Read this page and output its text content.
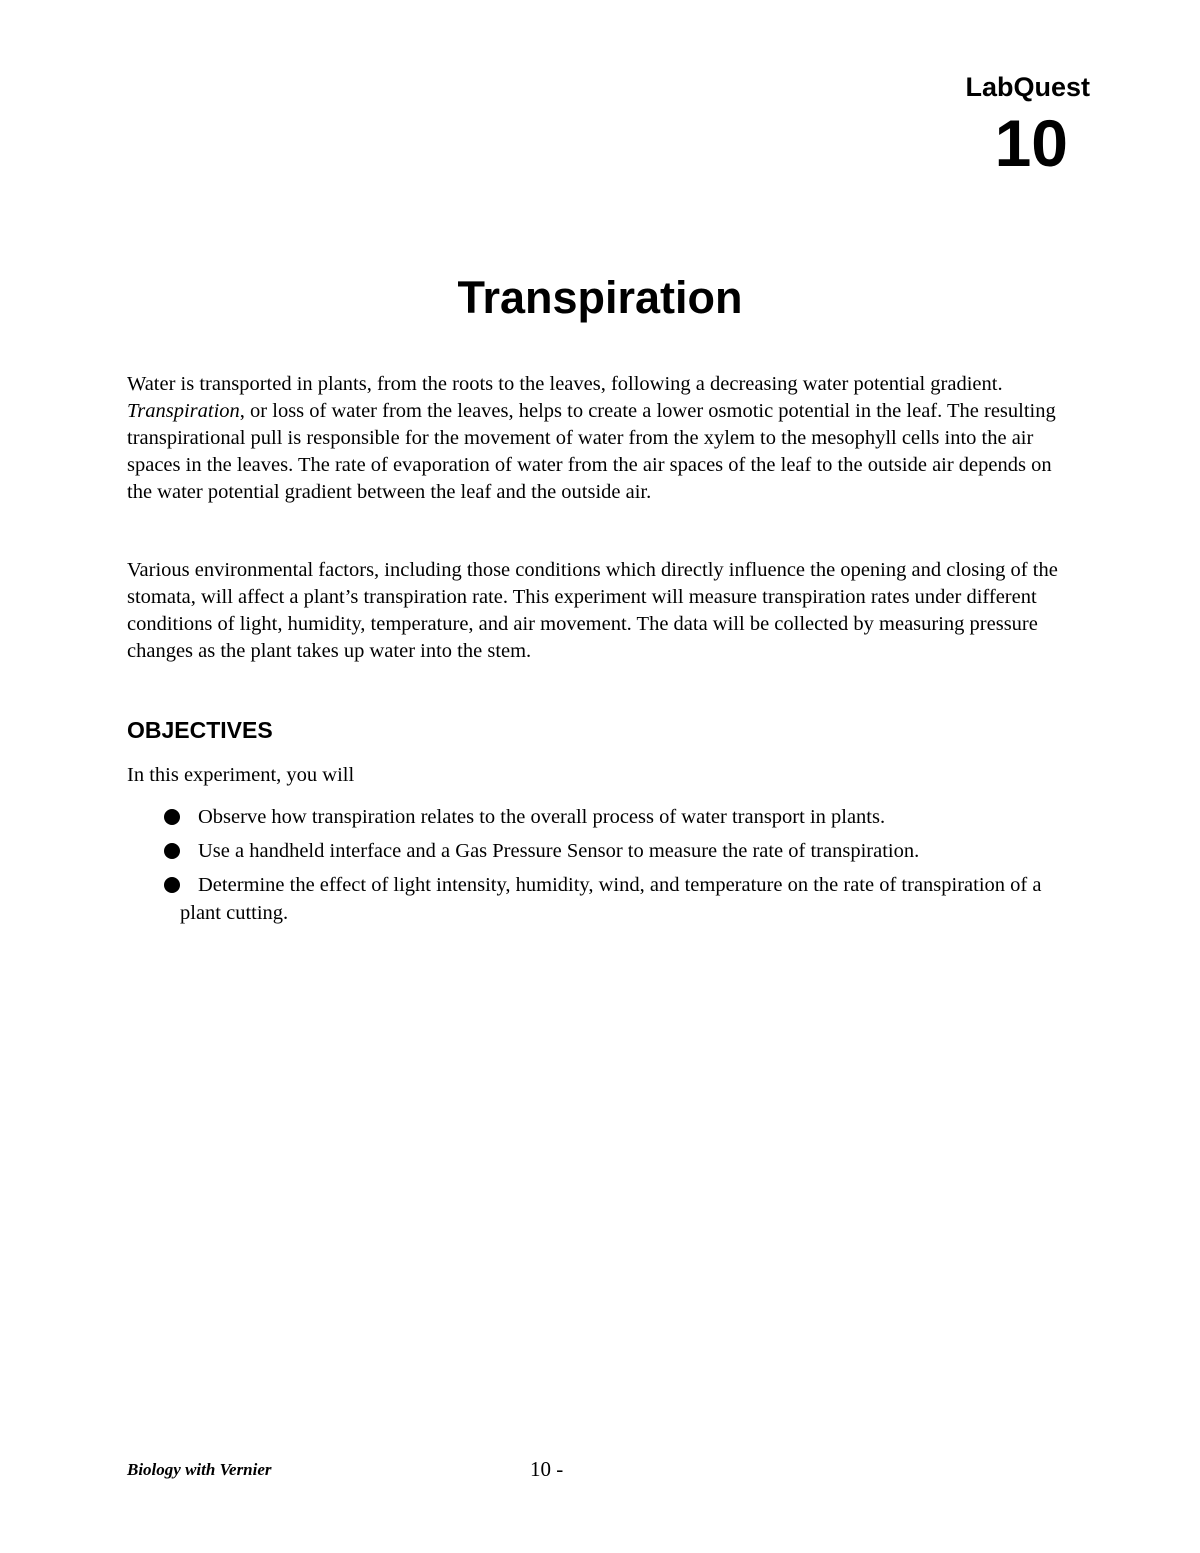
LabQuest
10
Transpiration

Water is transported in plants, from the roots to the leaves, following a decreasing water potential gradient. Transpiration, or loss of water from the leaves, helps to create a lower osmotic potential in the leaf. The resulting transpirational pull is responsible for the movement of water from the xylem to the mesophyll cells into the air spaces in the leaves. The rate of evaporation of water from the air spaces of the leaf to the outside air depends on the water potential gradient between the leaf and the outside air.

Various environmental factors, including those conditions which directly influence the opening and closing of the stomata, will affect a plant’s transpiration rate. This experiment will measure transpiration rates under different conditions of light, humidity, temperature, and air movement. The data will be collected by measuring pressure changes as the plant takes up water into the stem.

OBJECTIVES

In this experiment, you will

Observe how transpiration relates to the overall process of water transport in plants.
Use a handheld interface and a Gas Pressure Sensor to measure the rate of transpiration.
Determine the effect of light intensity, humidity, wind, and temperature on the rate of transpiration of a plant cutting.
Biology with Vernier	10 -
